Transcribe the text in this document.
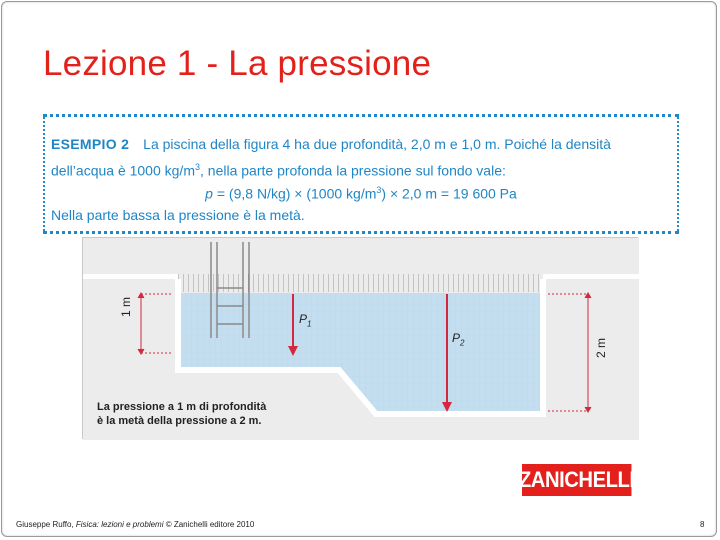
Lezione 1 - La pressione
ESEMPIO 2 La piscina della figura 4 ha due profondità, 2,0 m e 1,0 m. Poiché la densità
dell’acqua è 1000 $kg/m^3$, nella parte profonda la pressione sul fondo vale:
p = (9,8 N/kg) × (1000 $kg/m^3) \times 2,0$ m = 19 600 Pa
Nella parte bassa la pressione è la metà.
1 m
2 m
$P_1$
$P_2$
La pressione a 1 m di profondità
è la metà della pressione a 2 m.
ZANICHELLI
Giuseppe Ruffo, Fisica: lezioni e problemi © Zanichelli editore 2010	8
